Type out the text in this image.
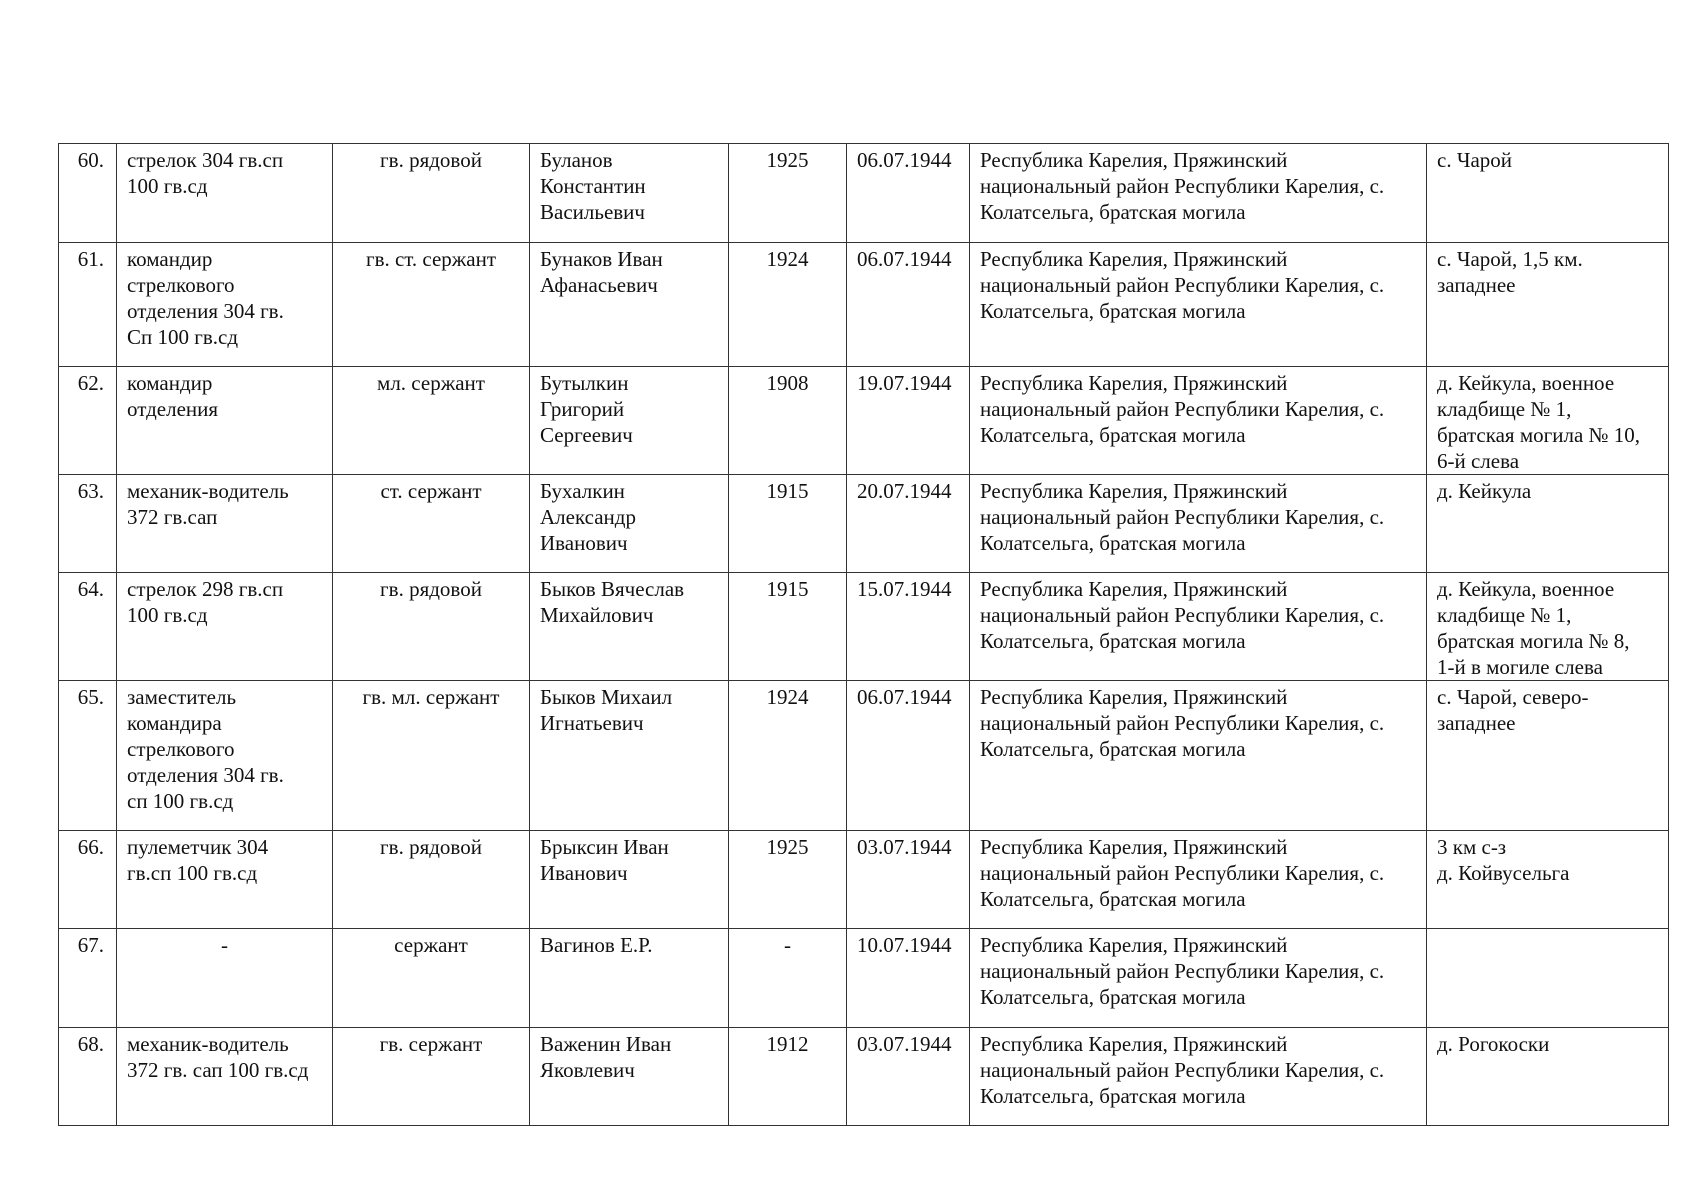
60.	стрелок 304 гв.сп
100 гв.сд	гв. рядовой	Буланов
Константин
Васильевич	1925	06.07.1944	Республика Карелия, Пряжинский
национальный район Республики Карелия, с.
Колатсельга, братская могила	с. Чарой
61.	командир
стрелкового
отделения 304 гв.
Сп 100 гв.сд	гв. ст. сержант	Бунаков Иван
Афанасьевич	1924	06.07.1944	Республика Карелия, Пряжинский
национальный район Республики Карелия, с.
Колатсельга, братская могила	с. Чарой, 1,5 км.
западнее
62.	командир
отделения	мл. сержант	Бутылкин
Григорий
Сергеевич	1908	19.07.1944	Республика Карелия, Пряжинский
национальный район Республики Карелия, с.
Колатсельга, братская могила	д. Кейкула, военное
кладбище № 1,
братская могила № 10,
6-й слева
63.	механик-водитель
372 гв.сап	ст. сержант	Бухалкин
Александр
Иванович	1915	20.07.1944	Республика Карелия, Пряжинский
национальный район Республики Карелия, с.
Колатсельга, братская могила	д. Кейкула
64.	стрелок 298 гв.сп
100 гв.сд	гв. рядовой	Быков Вячеслав
Михайлович	1915	15.07.1944	Республика Карелия, Пряжинский
национальный район Республики Карелия, с.
Колатсельга, братская могила	д. Кейкула, военное
кладбище № 1,
братская могила № 8,
1-й в могиле слева
65.	заместитель
командира
стрелкового
отделения 304 гв.
сп 100 гв.сд	гв. мл. сержант	Быков Михаил
Игнатьевич	1924	06.07.1944	Республика Карелия, Пряжинский
национальный район Республики Карелия, с.
Колатсельга, братская могила	с. Чарой, северо-
западнее
66.	пулеметчик 304
гв.сп 100 гв.сд	гв. рядовой	Брыксин Иван
Иванович	1925	03.07.1944	Республика Карелия, Пряжинский
национальный район Республики Карелия, с.
Колатсельга, братская могила	3 км с-з
д. Койвусельга
67.	-	сержант	Вагинов Е.Р.	-	10.07.1944	Республика Карелия, Пряжинский
национальный район Республики Карелия, с.
Колатсельга, братская могила	
68.	механик-водитель
372 гв. сап 100 гв.сд	гв. сержант	Важенин Иван
Яковлевич	1912	03.07.1944	Республика Карелия, Пряжинский
национальный район Республики Карелия, с.
Колатсельга, братская могила	д. Рогокоски
